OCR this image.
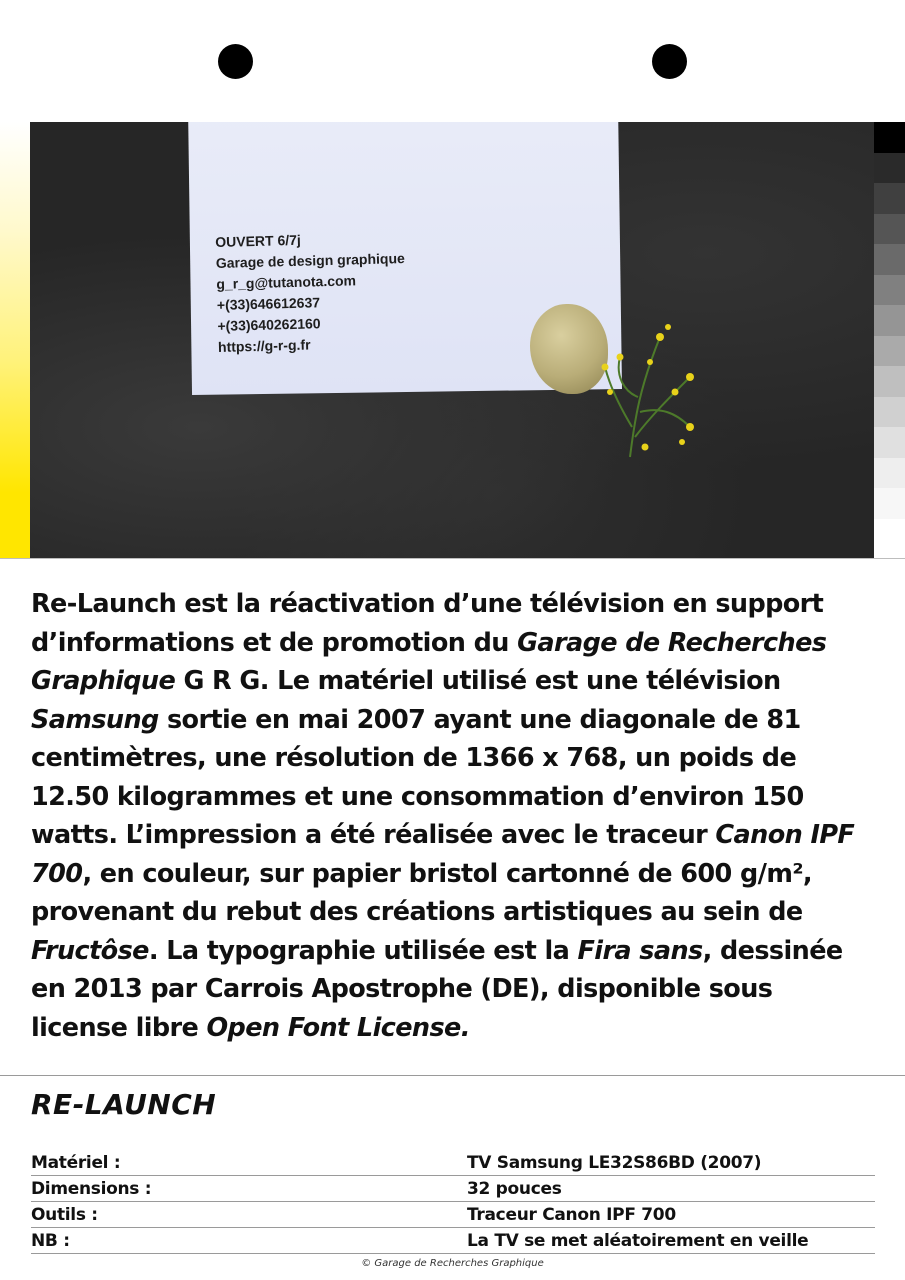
OUVERT 6/7j
Garage de design graphique
g_r_g@tutanota.com
+(33)646612637
+(33)640262160
https://g-r-g.fr
Re-Launch est la réactivation d’une télévision en support d’informations et de promotion du Garage de Recherches Graphique G R G. Le matériel utilisé est une télévision Samsung sortie en mai 2007 ayant une diagonale de 81 centimètres, une résolution de 1366 x 768, un poids de 12.50 kilogrammes et une consommation d’environ 150 watts. L’impression a été réalisée avec le traceur Canon IPF 700, en couleur, sur papier bristol cartonné de 600 g/m², provenant du rebut des créations artistiques au sein de Fructôse. La typographie utilisée est la Fira sans, dessinée en 2013 par Carrois Apostrophe (DE), disponible sous license libre Open Font License.
RE-LAUNCH
Matériel :	TV Samsung LE32S86BD (2007)
Dimensions :	32 pouces
Outils :	Traceur Canon IPF 700
NB :	La TV se met aléatoirement en veille
© Garage de Recherches Graphique
